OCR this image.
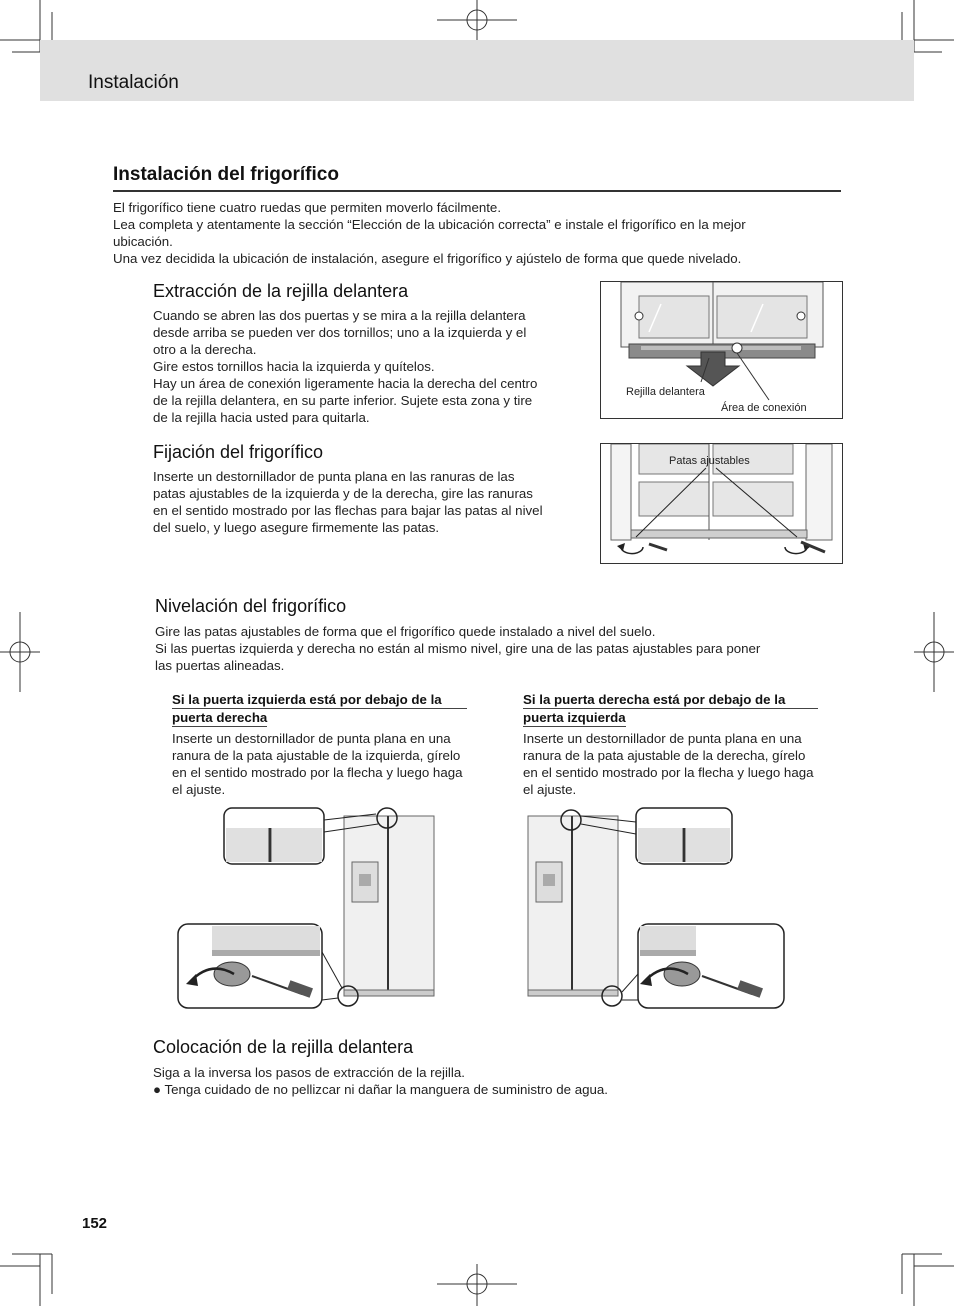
Instalación
Instalación del frigorífico

El frigorífico tiene cuatro ruedas que permiten moverlo fácilmente.

Lea completa y atentamente la sección “Elección de la ubicación correcta” e instale el frigorífico en la mejor

ubicación.

Una vez decidida la ubicación de instalación, asegure el frigorífico y ajústelo de forma que quede nivelado.

Extracción de la rejilla delantera

Cuando se abren las dos puertas y se mira a la rejilla delantera

desde arriba se pueden ver dos tornillos; uno a la izquierda y el

otro a la derecha.

Gire estos tornillos hacia la izquierda y quítelos.

Hay un área de conexión ligeramente hacia la derecha del centro

de la rejilla delantera, en su parte inferior. Sujete esta zona y tire

de la rejilla hacia usted para quitarla.

Rejilla delantera
Área de conexión
Fijación del frigorífico

Inserte un destornillador de punta plana en las ranuras de las

patas ajustables de la izquierda y de la derecha, gire las ranuras

en el sentido mostrado por las flechas para bajar las patas al nivel

del suelo, y luego asegure firmemente las patas.

Patas ajustables
Nivelación del frigorífico

Gire las patas ajustables de forma que el frigorífico quede instalado a nivel del suelo.

Si las puertas izquierda y derecha no están al mismo nivel, gire una de las patas ajustables para poner

las puertas alineadas.

Si la puerta izquierda está por debajo de la
puerta derecha

Inserte un destornillador de punta plana en una

ranura de la pata ajustable de la izquierda, gírelo

en el sentido mostrado por la flecha y luego haga

el ajuste.

Si la puerta derecha está por debajo de la
puerta izquierda

Inserte un destornillador de punta plana en una

ranura de la pata ajustable de la derecha, gírelo

en el sentido mostrado por la flecha y luego haga

el ajuste.

Colocación de la rejilla delantera

Siga a la inversa los pasos de extracción de la rejilla.

● Tenga cuidado de no pellizcar ni dañar la manguera de suministro de agua.

152
